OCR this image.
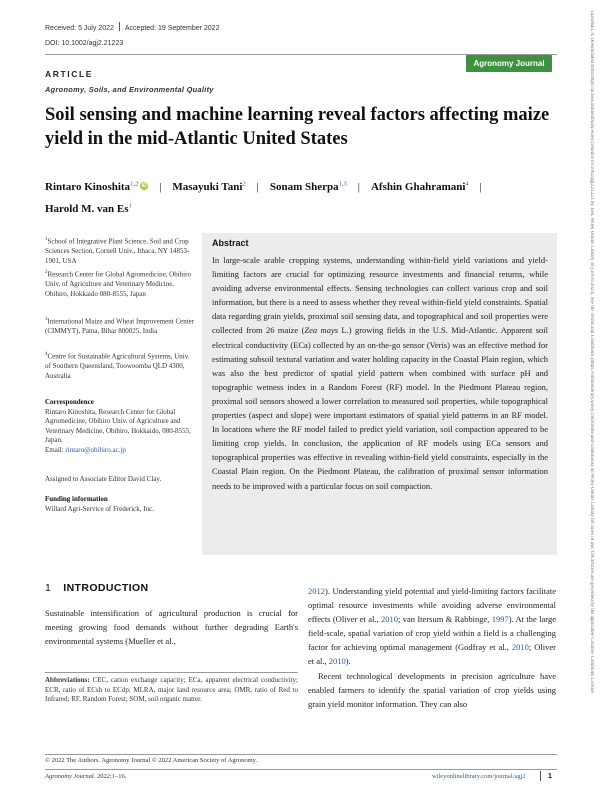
Received: 5 July 2022 Accepted: 19 September 2022
DOI: 10.1002/agj2.21223
Agronomy Journal
ARTICLE
Agronomy, Soils, and Environmental Quality
Soil sensing and machine learning reveal factors affecting maize yield in the mid-Atlantic United States
Rintaro Kinoshita$^{1,2}$ iD | Masayuki Tani$^2$ | Sonam Sherpa$^{1,3}$ | Afshin Ghahramani$^4$ |
Harold M. van Es$^1$
$^1$School of Integrative Plant Science, Soil and Crop Sciences Section, Cornell Univ., Ithaca, NY 14853-1901, USA
$^2$Research Center for Global Agromedicine, Obihiro Univ. of Agriculture and Veterinary Medicine, Obihiro, Hokkaido 080-8555, Japan
$^3$International Maize and Wheat Improvement Center (CIMMYT), Patna, Bihar 800025, India
$^4$Centre for Sustainable Agricultural Systems, Univ. of Southern Queensland, Toowoomba QLD 4300, Australia
Correspondence
Rintaro Kinoshita, Research Center for Global Agromedicine, Obihiro Univ. of Agriculture and Veterinary Medicine, Obihiro, Hokkaido, 080-8555, Japan.
Email: rintaro@obihiro.ac.jp
Assigned to Associate Editor David Clay.
Funding information
Willard Agri-Service of Frederick, Inc.
Abstract
In large-scale arable cropping systems, understanding within-field yield variations and yield-limiting factors are crucial for optimizing resource investments and financial returns, while avoiding adverse environmental effects. Sensing technologies can collect various crop and soil information, but there is a need to assess whether they reveal within-field yield constraints. Spatial data regarding grain yields, proximal soil sensing data, and topographical and soil properties were collected from 26 maize (Zea mays L.) growing fields in the U.S. Mid-Atlantic. Apparent soil electrical conductivity (ECa) collected by an on-the-go sensor (Veris) was an effective method for estimating subsoil textural variation and water holding capacity in the Coastal Plain region, which was also the best predictor of spatial yield pattern when combined with surface pH and topographic wetness index in a Random Forest (RF) model. In the Piedmont Plateau region, proximal soil sensors showed a lower correlation to measured soil properties, while topographical properties (aspect and slope) were important estimators of spatial yield patterns in an RF model. In locations where the RF model failed to predict yield variation, soil compaction appeared to be limiting crop yields. In conclusion, the application of RF models using ECa sensors and topographical properties was effective in revealing within-field yield constraints, especially in the Coastal Plain region. On the Piedmont Plateau, the calibration of proximal sensor information needs to be improved with a particular focus on soil compaction.
1 INTRODUCTION
Sustainable intensification of agricultural production is crucial for meeting growing food demands without further degrading Earth's environmental systems (Mueller et al.,

2012). Understanding yield potential and yield-limiting factors facilitate optimal resource investments while avoiding adverse environmental effects (Oliver et al., 2010; van Itersum & Rabbinge, 1997). At the large field-scale, spatial variation of crop yield within a field is a challenging factor for achieving optimal management (Godfray et al., 2010; Oliver et al., 2010).

Recent technological developments in precision agriculture have enabled farmers to identify the spatial variation of crop yields using grain yield monitor information. They can also

Abbreviations: CEC, cation exchange capacity; ECa, apparent electrical conductivity; ECR, ratio of ECsh to ECdp; MLRA, major land resource area; OMR, ratio of Red to Infrared; RF, Random Forest; SOM, soil organic matter.
© 2022 The Authors. Agronomy Journal © 2022 American Society of Agronomy.
Agronomy Journal. 2022;1–16.	wileyonlinelibrary.com/journal/agj2	1
14350645, 0, Downloaded from https://acsess.onlinelibrary.wiley.com/doi/10.1002/agj2.21223 by Test, Wiley Online Library on [30/01/2023]. See the Terms and Conditions (https://onlinelibrary.wiley.com/terms-and-conditions) on Wiley Online Library for rules of use; OA articles are governed by the applicable Creative Commons License
